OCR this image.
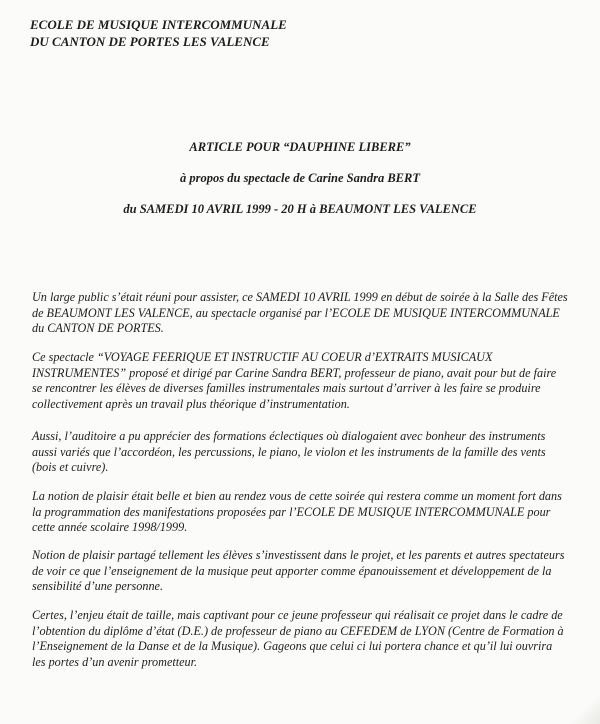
ECOLE DE MUSIQUE INTERCOMMUNALE
DU CANTON DE PORTES LES VALENCE
ARTICLE POUR “DAUPHINE LIBERE”
à propos du spectacle de Carine Sandra BERT
du SAMEDI 10 AVRIL 1999 - 20 H à BEAUMONT LES VALENCE

Un large public s’était réuni pour assister, ce SAMEDI 10 AVRIL 1999 en début de soirée à la Salle des Fêtes de BEAUMONT LES VALENCE, au spectacle organisé par l’ECOLE DE MUSIQUE INTERCOMMUNALE du CANTON DE PORTES.

Ce spectacle “VOYAGE FEERIQUE ET INSTRUCTIF AU COEUR d’EXTRAITS MUSICAUX INSTRUMENTES” proposé et dirigé par Carine Sandra BERT, professeur de piano, avait pour but de faire se rencontrer les élèves de diverses familles instrumentales mais surtout d’arriver à les faire se produire collectivement après un travail plus théorique d’instrumentation.

Aussi, l’auditoire a pu apprécier des formations éclectiques où dialogaient avec bonheur des instruments aussi variés que l’accordéon, les percussions, le piano, le violon et les instruments de la famille des vents (bois et cuivre).

La notion de plaisir était belle et bien au rendez vous de cette soirée qui restera comme un moment fort dans la programmation des manifestations proposées par l’ECOLE DE MUSIQUE INTERCOMMUNALE pour cette année scolaire 1998/1999.

Notion de plaisir partagé tellement les élèves s’investissent dans le projet, et les parents et autres spectateurs de voir ce que l’enseignement de la musique peut apporter comme épanouissement et développement de la sensibilité d’une personne.

Certes, l’enjeu était de taille, mais captivant pour ce jeune professeur qui réalisait ce projet dans le cadre de l’obtention du diplôme d’état (D.E.) de professeur de piano au CEFEDEM de LYON (Centre de Formation à l’Enseignement de la Danse et de la Musique). Gageons que celui ci lui portera chance et qu’il lui ouvrira les portes d’un avenir prometteur.
